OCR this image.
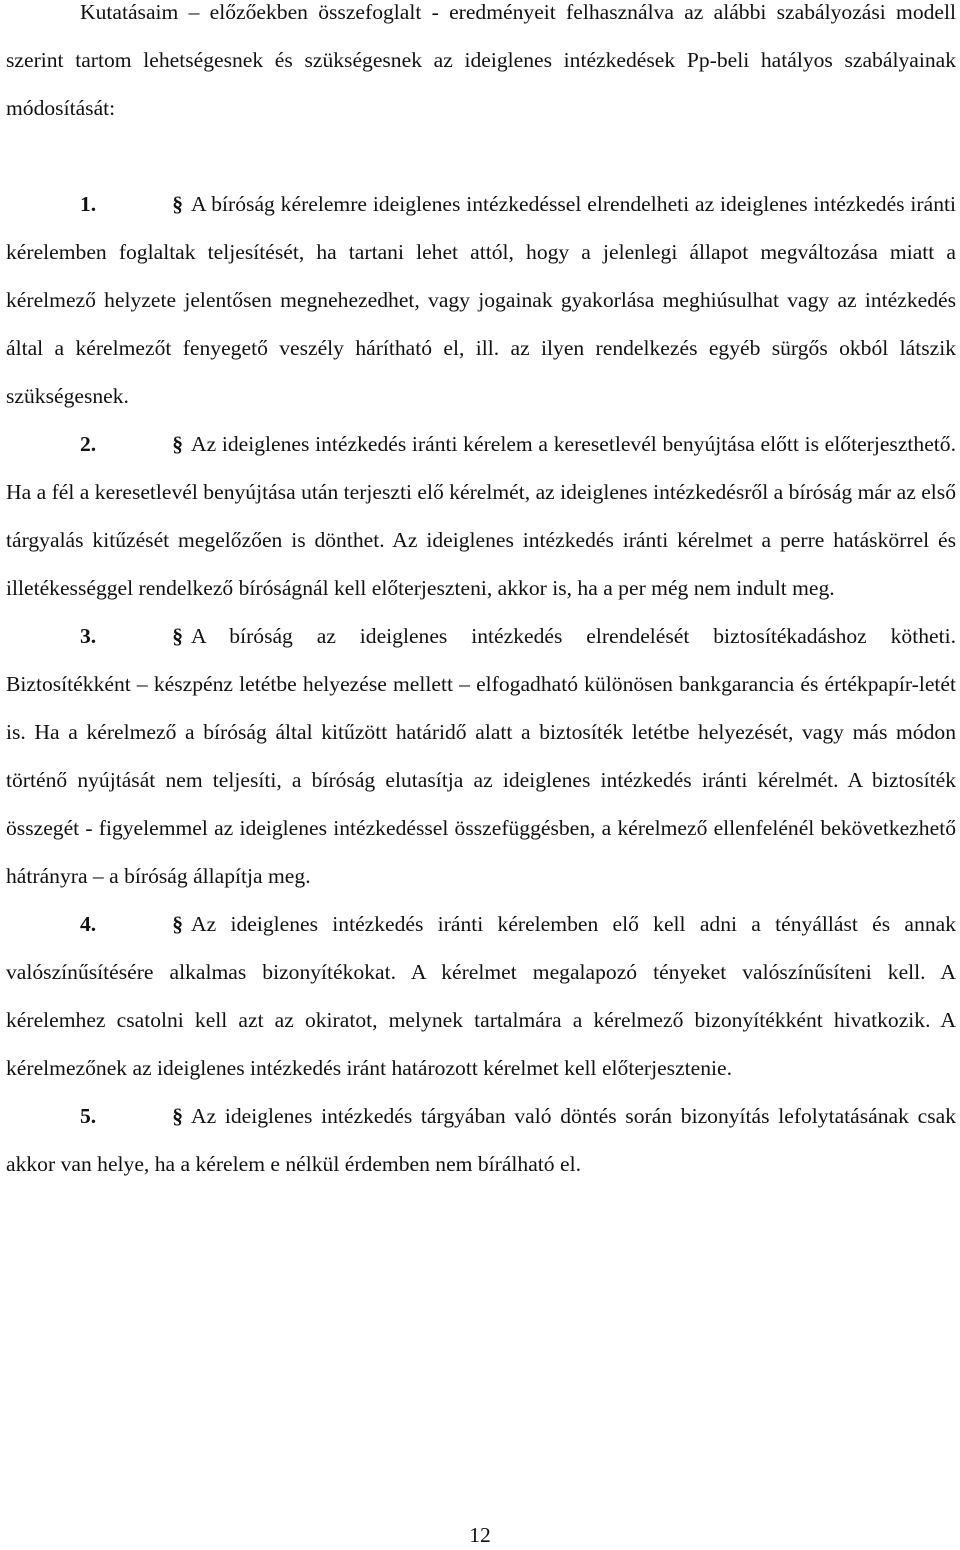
Kutatásaim – előzőekben összefoglalt - eredményeit felhasználva az alábbi szabályozási modell szerint tartom lehetségesnek és szükségesnek az ideiglenes intézkedések Pp-beli hatályos szabályainak módosítását:

1.	§ A bíróság kérelemre ideiglenes intézkedéssel elrendelheti az ideiglenes intézkedés iránti kérelemben foglaltak teljesítését, ha tartani lehet attól, hogy a jelenlegi állapot megváltozása miatt a kérelmező helyzete jelentősen megnehezedhet, vagy jogainak gyakorlása meghiúsulhat vagy az intézkedés által a kérelmezőt fenyegető veszély hárítható el, ill. az ilyen rendelkezés egyéb sürgős okból látszik szükségesnek.

2.	§ Az ideiglenes intézkedés iránti kérelem a keresetlevél benyújtása előtt is előterjeszthető. Ha a fél a keresetlevél benyújtása után terjeszti elő kérelmét, az ideiglenes intézkedésről a bíróság már az első tárgyalás kitűzését megelőzően is dönthet. Az ideiglenes intézkedés iránti kérelmet a perre hatáskörrel és illetékességgel rendelkező bíróságnál kell előterjeszteni, akkor is, ha a per még nem indult meg.

3.	§ A bíróság az ideiglenes intézkedés elrendelését biztosítékadáshoz kötheti. Biztosítékként – készpénz letétbe helyezése mellett – elfogadható különösen bankgarancia és értékpapír-letét is. Ha a kérelmező a bíróság által kitűzött határidő alatt a biztosíték letétbe helyezését, vagy más módon történő nyújtását nem teljesíti, a bíróság elutasítja az ideiglenes intézkedés iránti kérelmét. A biztosíték összegét - figyelemmel az ideiglenes intézkedéssel összefüggésben, a kérelmező ellenfelénél bekövetkezhető hátrányra – a bíróság állapítja meg.

4.	§ Az ideiglenes intézkedés iránti kérelemben elő kell adni a tényállást és annak valószínűsítésére alkalmas bizonyítékokat. A kérelmet megalapozó tényeket valószínűsíteni kell. A kérelemhez csatolni kell azt az okiratot, melynek tartalmára a kérelmező bizonyítékként hivatkozik. A kérelmezőnek az ideiglenes intézkedés iránt határozott kérelmet kell előterjesztenie.

5.	§ Az ideiglenes intézkedés tárgyában való döntés során bizonyítás lefolytatásának csak akkor van helye, ha a kérelem e nélkül érdemben nem bírálható el.

12
